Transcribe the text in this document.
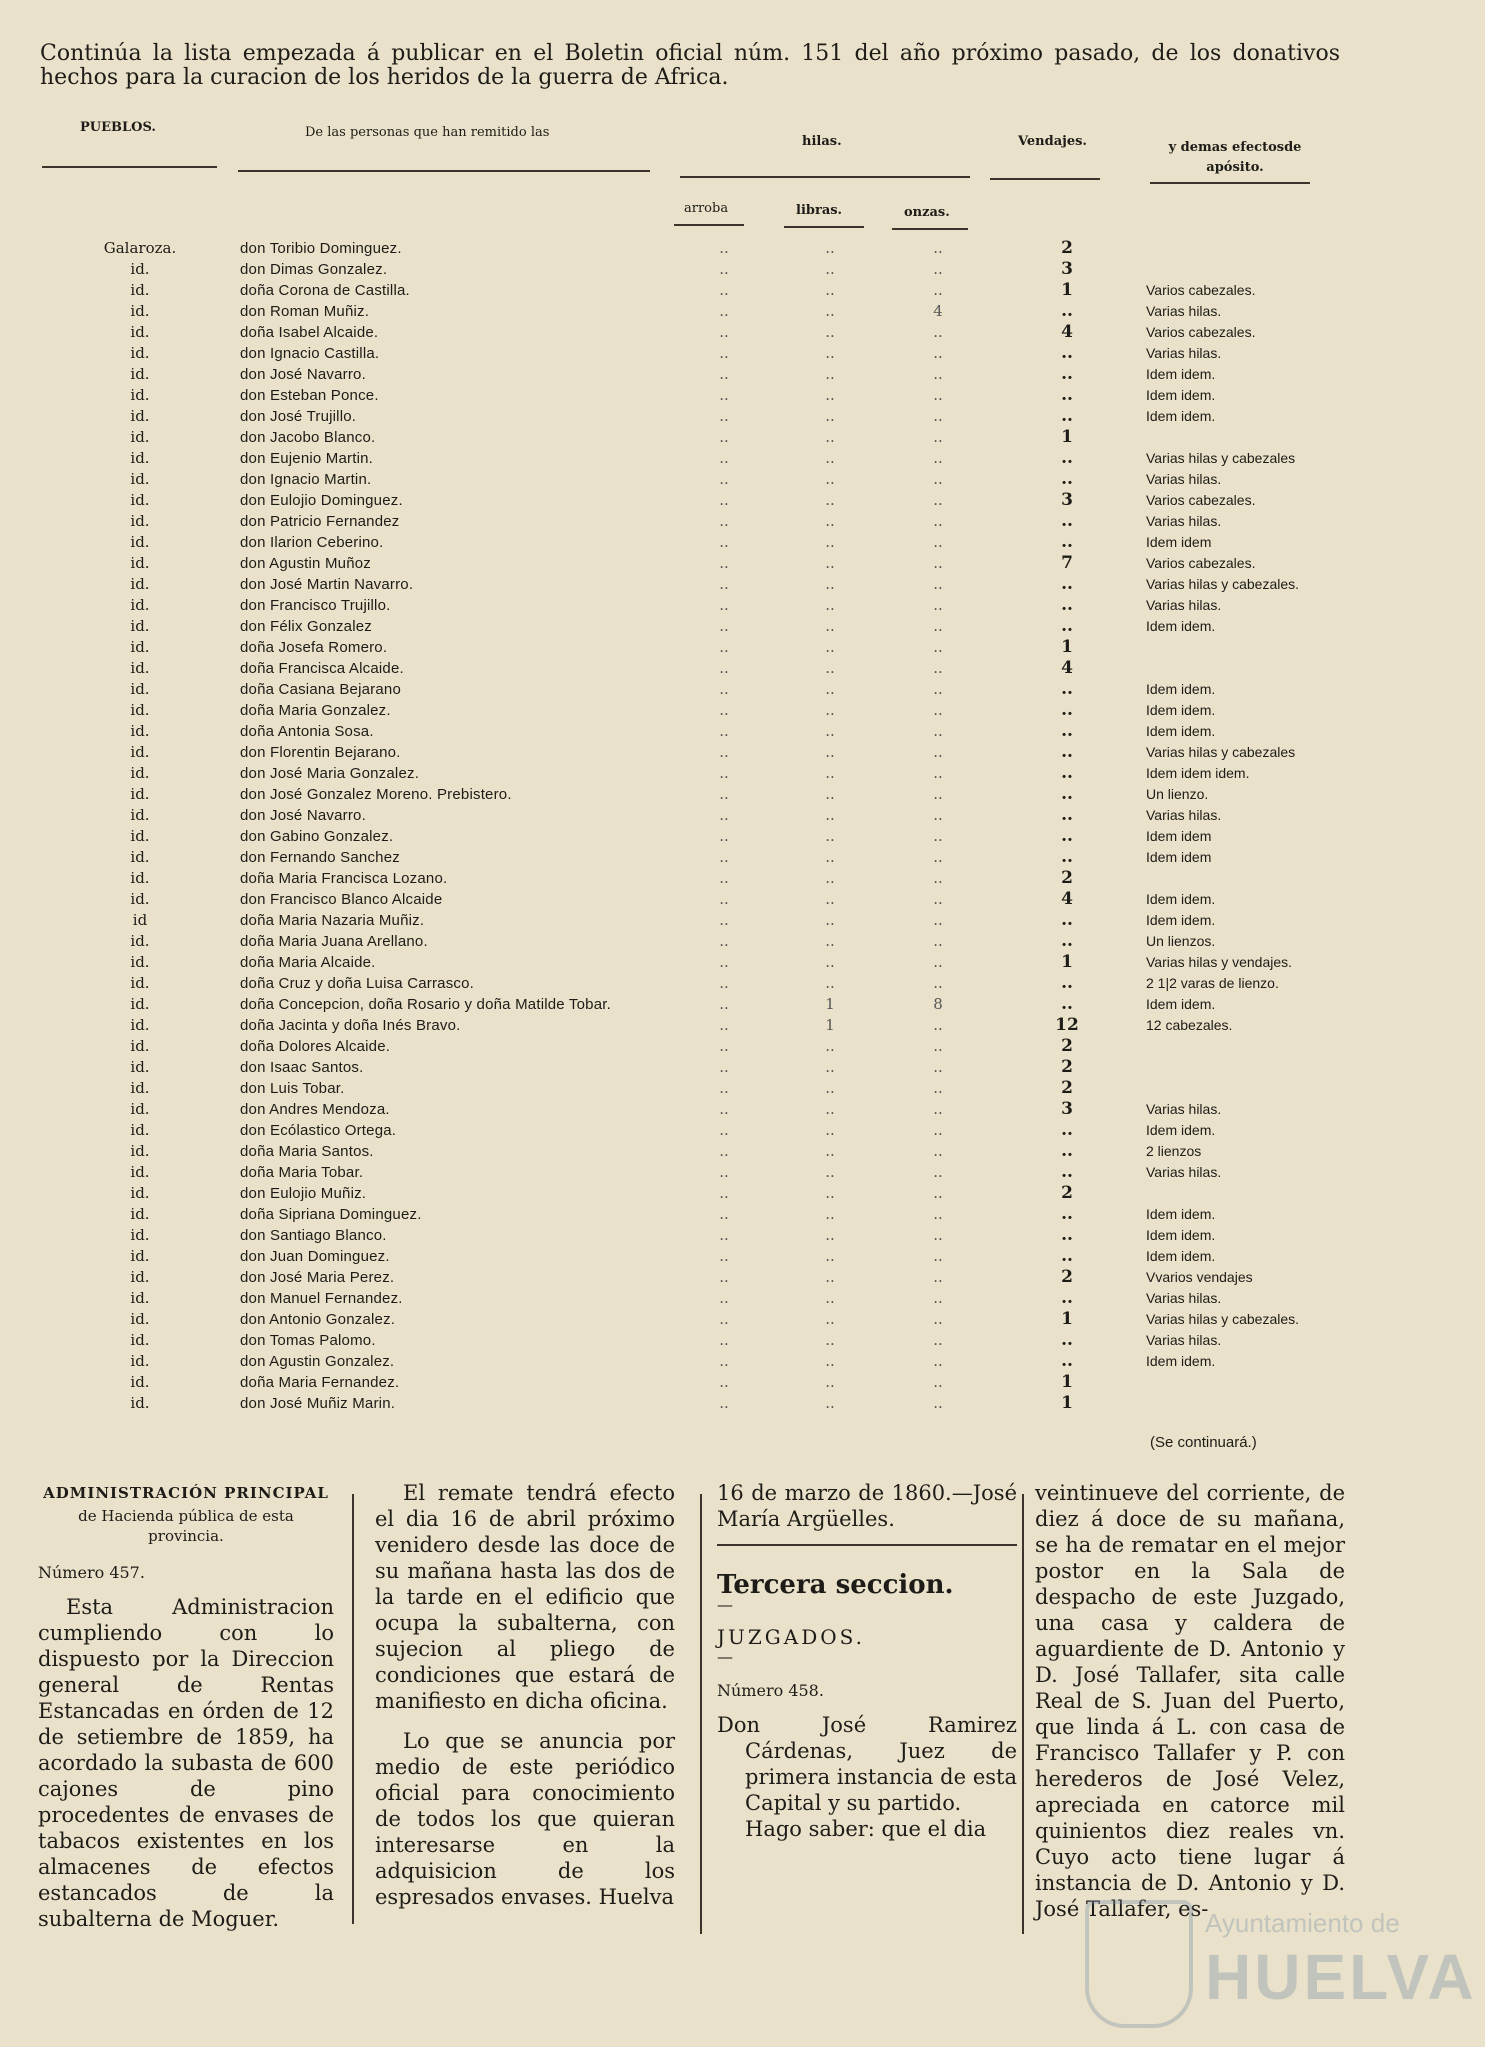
Continúa la lista empezada á publicar en el Boletin oficial núm. 151 del año próximo pasado, de los donativos hechos para la curacion de los heridos de la guerra de Africa.
PUEBLOS.	De las personas que han remitido las
hilas.	Vendajes.	y demas efectosde apósito.
arroba	libras.	onzas.
Galaroza.	don Toribio Dominguez.	..	..	..	2
id.	don Dimas Gonzalez.	..	..	..	3
id.	doña Corona de Castilla.	..	..	..	1	Varios cabezales.
id.	don Roman Muñiz.	..	..	4	..	Varias hilas.
id.	doña Isabel Alcaide.	..	..	..	4	Varios cabezales.
id.	don Ignacio Castilla.	..	..	..	..	Varias hilas.
id.	don José Navarro.	..	..	..	..	Idem idem.
id.	don Esteban Ponce.	..	..	..	..	Idem idem.
id.	don José Trujillo.	..	..	..	..	Idem idem.
id.	don Jacobo Blanco.	..	..	..	1
id.	don Eujenio Martin.	..	..	..	..	Varias hilas y cabezales
id.	don Ignacio Martin.	..	..	..	..	Varias hilas.
id.	don Eulojio Dominguez.	..	..	..	3	Varios cabezales.
id.	don Patricio Fernandez	..	..	..	..	Varias hilas.
id.	don Ilarion Ceberino.	..	..	..	..	Idem idem
id.	don Agustin Muñoz	..	..	..	7	Varios cabezales.
id.	don José Martin Navarro.	..	..	..	..	Varias hilas y cabezales.
id.	don Francisco Trujillo.	..	..	..	..	Varias hilas.
id.	don Félix Gonzalez	..	..	..	..	Idem idem.
id.	doña Josefa Romero.	..	..	..	1
id.	doña Francisca Alcaide.	..	..	..	4
id.	doña Casiana Bejarano	..	..	..	..	Idem idem.
id.	doña Maria Gonzalez.	..	..	..	..	Idem idem.
id.	doña Antonia Sosa.	..	..	..	..	Idem idem.
id.	don Florentin Bejarano.	..	..	..	..	Varias hilas y cabezales
id.	don José Maria Gonzalez.	..	..	..	..	Idem idem idem.
id.	don José Gonzalez Moreno. Prebistero.	..	..	..	..	Un lienzo.
id.	don José Navarro.	..	..	..	..	Varias hilas.
id.	don Gabino Gonzalez.	..	..	..	..	Idem idem
id.	don Fernando Sanchez	..	..	..	..	Idem idem
id.	doña Maria Francisca Lozano.	..	..	..	2
id.	don Francisco Blanco Alcaide	..	..	..	4	Idem idem.
id	doña Maria Nazaria Muñiz.	..	..	..	..	Idem idem.
id.	doña Maria Juana Arellano.	..	..	..	..	Un lienzos.
id.	doña Maria Alcaide.	..	..	..	1	Varias hilas y vendajes.
id.	doña Cruz y doña Luisa Carrasco.	..	..	..	..	2 1|2 varas de lienzo.
id.	doña Concepcion, doña Rosario y doña Matilde Tobar.	..	1	8	..	Idem idem.
id.	doña Jacinta y doña Inés Bravo.	..	1	..	12	12 cabezales.
id.	doña Dolores Alcaide.	..	..	..	2
id.	don Isaac Santos.	..	..	..	2
id.	don Luis Tobar.	..	..	..	2
id.	don Andres Mendoza.	..	..	..	3	Varias hilas.
id.	don Ecólastico Ortega.	..	..	..	..	Idem idem.
id.	doña Maria Santos.	..	..	..	..	2 lienzos
id.	doña Maria Tobar.	..	..	..	..	Varias hilas.
id.	don Eulojio Muñiz.	..	..	..	2
id.	doña Sipriana Dominguez.	..	..	..	..	Idem idem.
id.	don Santiago Blanco.	..	..	..	..	Idem idem.
id.	don Juan Dominguez.	..	..	..	..	Idem idem.
id.	don José Maria Perez.	..	..	..	2	Vvarios vendajes
id.	don Manuel Fernandez.	..	..	..	..	Varias hilas.
id.	don Antonio Gonzalez.	..	..	..	1	Varias hilas y cabezales.
id.	don Tomas Palomo.	..	..	..	..	Varias hilas.
id.	don Agustin Gonzalez.	..	..	..	..	Idem idem.
id.	doña Maria Fernandez.	..	..	..	1
id.	don José Muñiz Marin.	..	..	..	1
(Se continuará.)

ADMINISTRACIÓN PRINCIPAL

de Hacienda pública de esta provincia.

Número 457.

Esta Administracion cumpliendo con lo dispuesto por la Direccion general de Rentas Estancadas en órden de 12 de setiembre de 1859, ha acordado la subasta de 600 cajones de pino procedentes de envases de tabacos existentes en los almacenes de efectos estancados de la subalterna de Moguer.

El remate tendrá efecto el dia 16 de abril próximo venidero desde las doce de su mañana hasta las dos de la tarde en el edificio que ocupa la subalterna, con sujecion al pliego de condiciones que estará de manifiesto en dicha oficina.

Lo que se anuncia por medio de este periódico oficial para conocimiento de todos los que quieran interesarse en la adquisicion de los espresados envases. Huelva

16 de marzo de 1860.—José María Argüelles.

Tercera seccion.

—

JUZGADOS.

—

Número 458.

Don José Ramirez Cárdenas, Juez de primera instancia de esta Capital y su partido.

Hago saber: que el dia

veintinueve del corriente, de diez á doce de su mañana, se ha de rematar en el mejor postor en la Sala de despacho de este Juzgado, una casa y caldera de aguardiente de D. Antonio y D. José Tallafer, sita calle Real de S. Juan del Puerto, que linda á L. con casa de Francisco Tallafer y P. con herederos de José Velez, apreciada en catorce mil quinientos diez reales vn. Cuyo acto tiene lugar á instancia de D. Antonio y D. José Tallafer, es-

Ayuntamiento de
HUELVA
